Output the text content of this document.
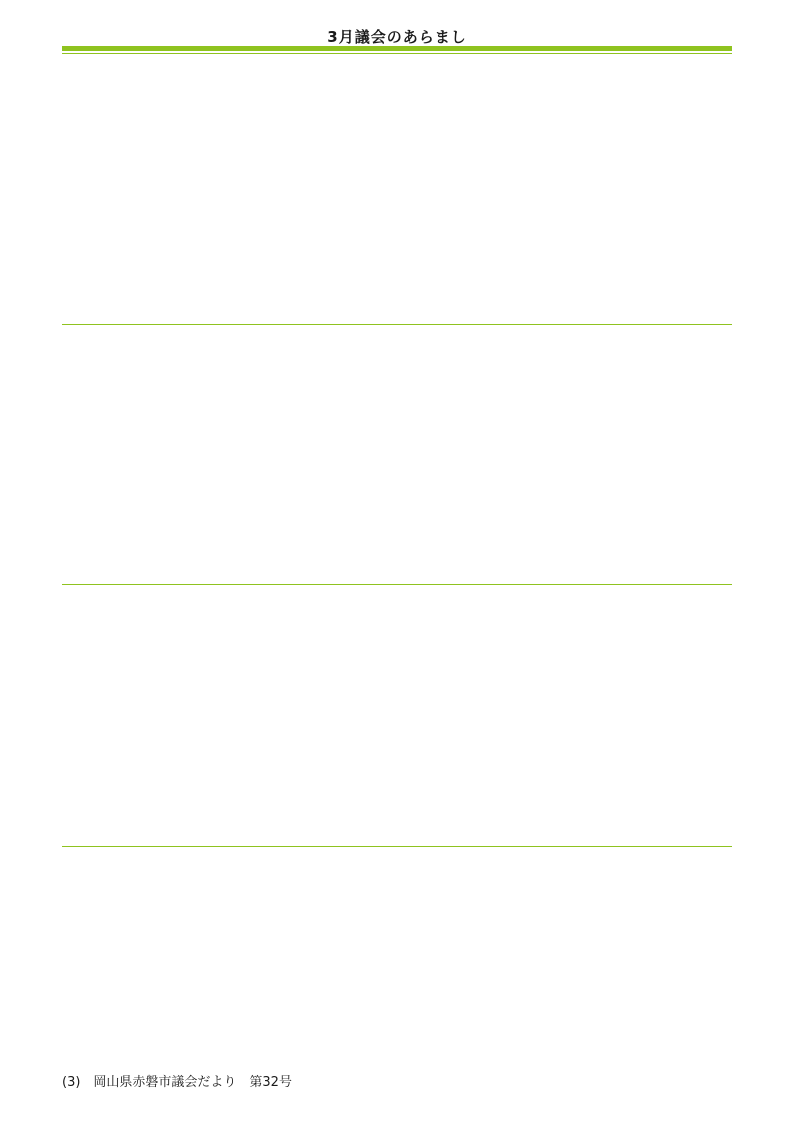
3月議会のあらまし
(3)　岡山県赤磐市議会だより　第32号
